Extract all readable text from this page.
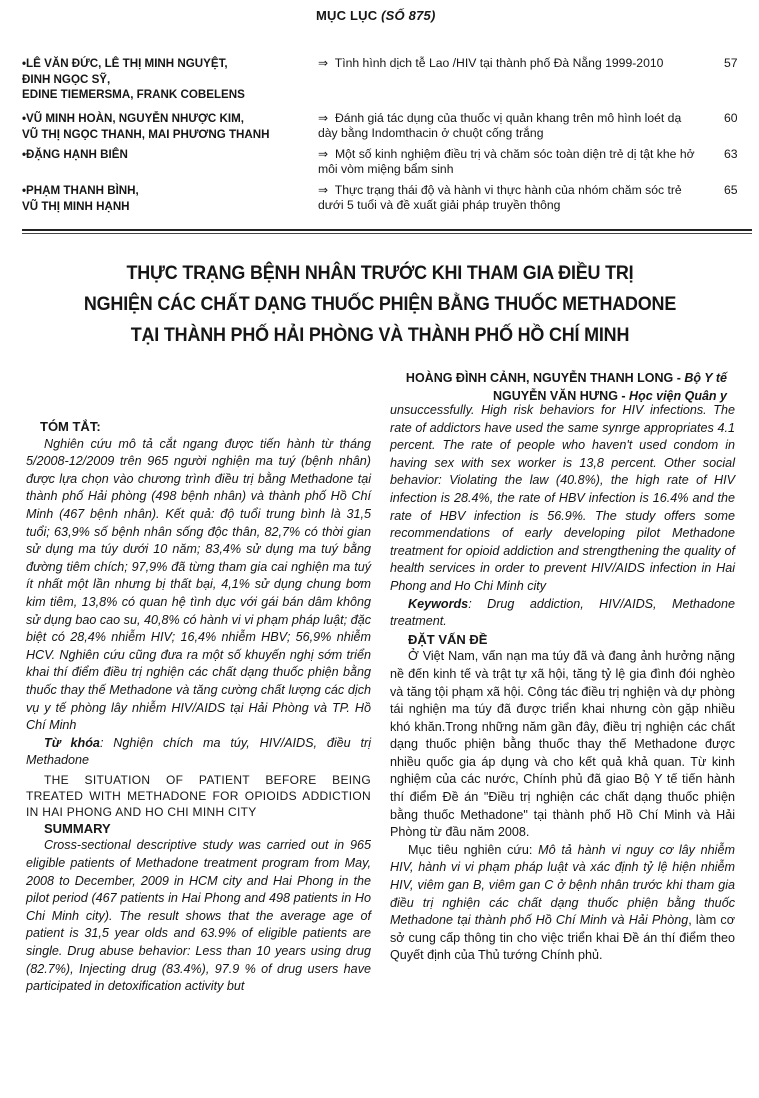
MỤC LỤC (SỐ 875)
•LÊ VĂN ĐỨC, LÊ THỊ MINH NGUYỆT,
ĐINH NGỌC SỸ,
EDINE TIEMERSMA, FRANK COBELENS
⇒ Tình hình dịch tễ Lao /HIV tại thành phố Đà Nẵng 1999-2010	57
•VŨ MINH HOÀN, NGUYỄN NHƯỢC KIM,
VŨ THỊ NGỌC THANH, MAI PHƯƠNG THANH
⇒ Đánh giá tác dụng của thuốc vị quản khang trên mô hình loét dạ dày bằng Indomthacin ở chuột cống trắng
60
•ĐẶNG HẠNH BIÊN	⇒ Một số kinh nghiệm điều trị và chăm sóc toàn diện trẻ dị tật khe hở môi vòm miệng bẩm sinh
63
•PHẠM THANH BÌNH,
VŨ THỊ MINH HẠNH
⇒ Thực trạng thái độ và hành vi thực hành của nhóm chăm sóc trẻ dưới 5 tuổi và đề xuất giải pháp truyền thông
65
THỰC TRẠNG BỆNH NHÂN TRƯỚC KHI THAM GIA ĐIỀU TRỊ
NGHIỆN CÁC CHẤT DẠNG THUỐC PHIỆN BẰNG THUỐC METHADONE
TẠI THÀNH PHỐ HẢI PHÒNG VÀ THÀNH PHỐ HỒ CHÍ MINH
HOÀNG ĐÌNH CẢNH, NGUYỄN THANH LONG - Bộ Y tế
NGUYỄN VĂN HƯNG - Học viện Quân y

TÓM TẮT:

Nghiên cứu mô tả cắt ngang được tiến hành từ tháng 5/2008-12/2009 trên 965 người nghiện ma tuý (bệnh nhân) được lựa chọn vào chương trình điều trị bằng Methadone tại thành phố Hải phòng (498 bệnh nhân) và thành phố Hồ Chí Minh (467 bệnh nhân). Kết quả: độ tuổi trung bình là 31,5 tuổi; 63,9% số bệnh nhân sống độc thân, 82,7% có thời gian sử dụng ma túy dưới 10 năm; 83,4% sử dụng ma tuý bằng đường tiêm chích; 97,9% đã từng tham gia cai nghiện ma tuý ít nhất một lần nhưng bị thất bại, 4,1% sử dụng chung bơm kim tiêm, 13,8% có quan hệ tình dục với gái bán dâm không sử dụng bao cao su, 40,8% có hành vi vi phạm pháp luật; đặc biệt có 28,4% nhiễm HIV; 16,4% nhiễm HBV; 56,9% nhiễm HCV. Nghiên cứu cũng đưa ra một số khuyến nghị sớm triển khai thí điểm điều trị nghiện các chất dạng thuốc phiện bằng thuốc thay thế Methadone và tăng cường chất lượng các dịch vụ y tế phòng lây nhiễm HIV/AIDS tại Hải Phòng và TP. Hồ Chí Minh

Từ khóa: Nghiện chích ma túy, HIV/AIDS, điều trị Methadone

THE SITUATION OF PATIENT BEFORE BEING TREATED WITH METHADONE FOR OPIOIDS ADDICTION IN HAI PHONG AND HO CHI MINH CITY

SUMMARY

Cross-sectional descriptive study was carried out in 965 eligible patients of Methadone treatment program from May, 2008 to December, 2009 in HCM city and Hai Phong in the pilot period (467 patients in Hai Phong and 498 patients in Ho Chi Minh city). The result shows that the average age of patient is 31,5 year olds and 63.9% of eligible patients are single. Drug abuse behavior: Less than 10 years using drug (82.7%), Injecting drug (83.4%), 97.9 % of drug users have participated in detoxification activity but

unsuccessfully. High risk behaviors for HIV infections. The rate of addictors have used the same synrge appropriates 4.1 percent. The rate of people who haven't used condom in having sex with sex worker is 13,8 percent. Other social behavior: Violating the law (40.8%), the high rate of HIV infection is 28.4%, the rate of HBV infection is 16.4% and the rate of HBV infection is 56.9%. The study offers some recommendations of early developing pilot Methadone treatment for opioid addiction and strengthening the quality of health services in order to prevent HIV/AIDS infection in Hai Phong and Ho Chi Minh city

Keywords: Drug addiction, HIV/AIDS, Methadone treatment.

ĐẶT VẤN ĐỀ

Ở Việt Nam, vấn nạn ma túy đã và đang ảnh hưởng nặng nề đến kinh tế và trật tự xã hội, tăng tỷ lệ gia đình đói nghèo và tăng tội phạm xã hội. Công tác điều trị nghiện và dự phòng tái nghiện ma túy đã được triển khai nhưng còn gặp nhiều khó khăn.Trong những năm gần đây, điều trị nghiện các chất dạng thuốc phiện bằng thuốc thay thế Methadone được nhiều quốc gia áp dụng và cho kết quả khả quan. Từ kinh nghiệm của các nước, Chính phủ đã giao Bộ Y tế tiến hành thí điểm Đề án "Điều trị nghiện các chất dạng thuốc phiện bằng thuốc Methadone" tại thành phố Hồ Chí Minh và Hải Phòng từ đầu năm 2008.

Mục tiêu nghiên cứu: Mô tả hành vi nguy cơ lây nhiễm HIV, hành vi vi phạm pháp luật và xác định tỷ lệ hiện nhiễm HIV, viêm gan B, viêm gan C ở bệnh nhân trước khi tham gia điều trị nghiện các chất dạng thuốc phiện bằng thuốc Methadone tại thành phố Hồ Chí Minh và Hải Phòng, làm cơ sở cung cấp thông tin cho việc triển khai Đề án thí điểm theo Quyết định của Thủ tướng Chính phủ.
